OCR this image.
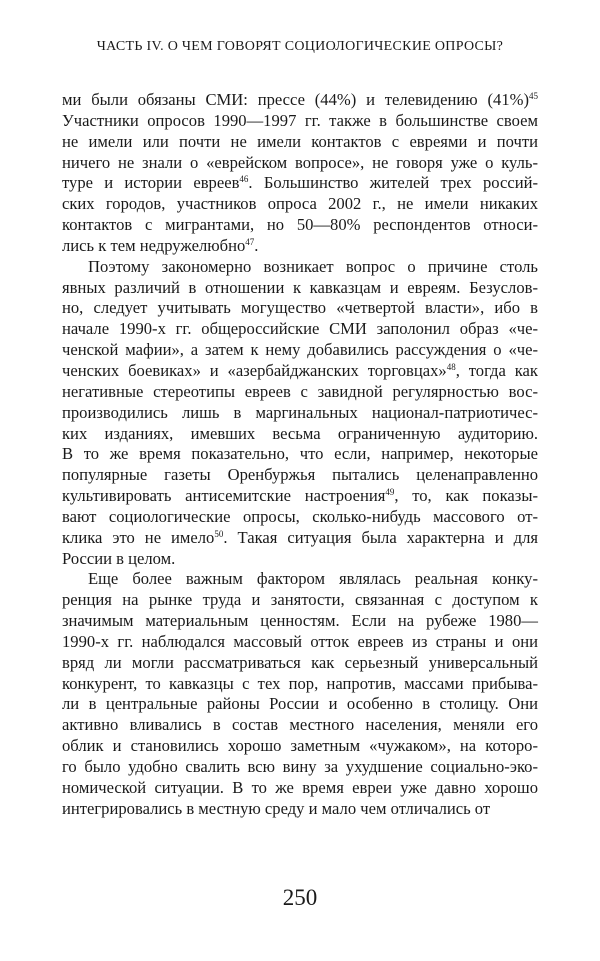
ЧАСТЬ IV. О ЧЕМ ГОВОРЯТ СОЦИОЛОГИЧЕСКИЕ ОПРОСЫ?
ми были обязаны СМИ: прессе (44%) и телевидению $(41\%)^{45}$
Участники опросов 1990—1997 гг. также в большинстве своем
не имели или почти не имели контактов с евреями и почти
ничего не знали о «еврейском вопросе», не говоря уже о куль-
туре и истории евреев$^{46}$. Большинство жителей трех россий-
ских городов, участников опроса 2002 г., не имели никаких
контактов с мигрантами, но 50—80% респондентов относи-
лись к тем недружелюбно$^{47}$.
Поэтому закономерно возникает вопрос о причине столь
явных различий в отношении к кавказцам и евреям. Безуслов-
но, следует учитывать могущество «четвертой власти», ибо в
начале 1990-х гг. общероссийские СМИ заполонил образ «че-
ченской мафии», а затем к нему добавились рассуждения о «че-
ченских боевиках» и «азербайджанских торговцах»$^{48}$, тогда как
негативные стереотипы евреев с завидной регулярностью вос-
производились лишь в маргинальных национал-патриотичес-
ких изданиях, имевших весьма ограниченную аудиторию.
В то же время показательно, что если, например, некоторые
популярные газеты Оренбуржья пытались целенаправленно
культивировать антисемитские настроения$^{49}$, то, как показы-
вают социологические опросы, сколько-нибудь массового от-
клика это не имело$^{50}$. Такая ситуация была характерна и для
России в целом.
Еще более важным фактором являлась реальная конку-
ренция на рынке труда и занятости, связанная с доступом к
значимым материальным ценностям. Если на рубеже 1980—
1990-х гг. наблюдался массовый отток евреев из страны и они
вряд ли могли рассматриваться как серьезный универсальный
конкурент, то кавказцы с тех пор, напротив, массами прибыва-
ли в центральные районы России и особенно в столицу. Они
активно вливались в состав местного населения, меняли его
облик и становились хорошо заметным «чужаком», на которо-
го было удобно свалить всю вину за ухудшение социально-эко-
номической ситуации. В то же время евреи уже давно хорошо
интегрировались в местную среду и мало чем отличались от
250
